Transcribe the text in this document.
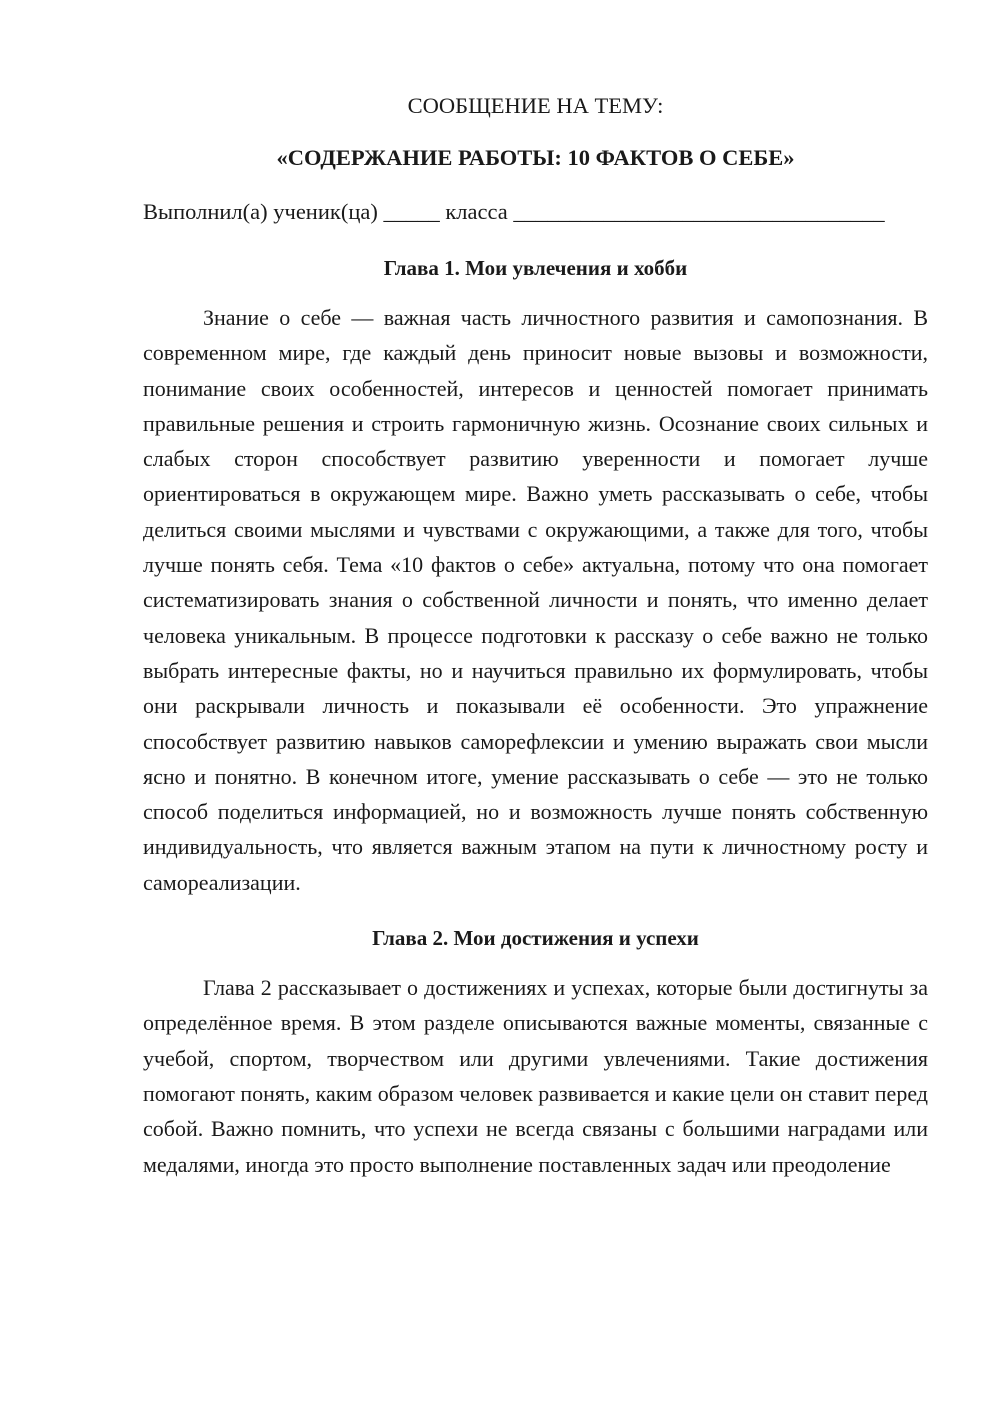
СООБЩЕНИЕ НА ТЕМУ:
«СОДЕРЖАНИЕ РАБОТЫ: 10 ФАКТОВ О СЕБЕ»
Выполнил(а) ученик(ца) _____ класса _________________________________
Глава 1. Мои увлечения и хобби
Знание о себе — важная часть личностного развития и самопознания. В современном мире, где каждый день приносит новые вызовы и возможности, понимание своих особенностей, интересов и ценностей помогает принимать правильные решения и строить гармоничную жизнь. Осознание своих сильных и слабых сторон способствует развитию уверенности и помогает лучше ориентироваться в окружающем мире. Важно уметь рассказывать о себе, чтобы делиться своими мыслями и чувствами с окружающими, а также для того, чтобы лучше понять себя. Тема «10 фактов о себе» актуальна, потому что она помогает систематизировать знания о собственной личности и понять, что именно делает человека уникальным. В процессе подготовки к рассказу о себе важно не только выбрать интересные факты, но и научиться правильно их формулировать, чтобы они раскрывали личность и показывали её особенности. Это упражнение способствует развитию навыков саморефлексии и умению выражать свои мысли ясно и понятно. В конечном итоге, умение рассказывать о себе — это не только способ поделиться информацией, но и возможность лучше понять собственную индивидуальность, что является важным этапом на пути к личностному росту и самореализации.
Глава 2. Мои достижения и успехи
Глава 2 рассказывает о достижениях и успехах, которые были достигнуты за определённое время. В этом разделе описываются важные моменты, связанные с учебой, спортом, творчеством или другими увлечениями. Такие достижения помогают понять, каким образом человек развивается и какие цели он ставит перед собой. Важно помнить, что успехи не всегда связаны с большими наградами или медалями, иногда это просто выполнение поставленных задач или преодоление
